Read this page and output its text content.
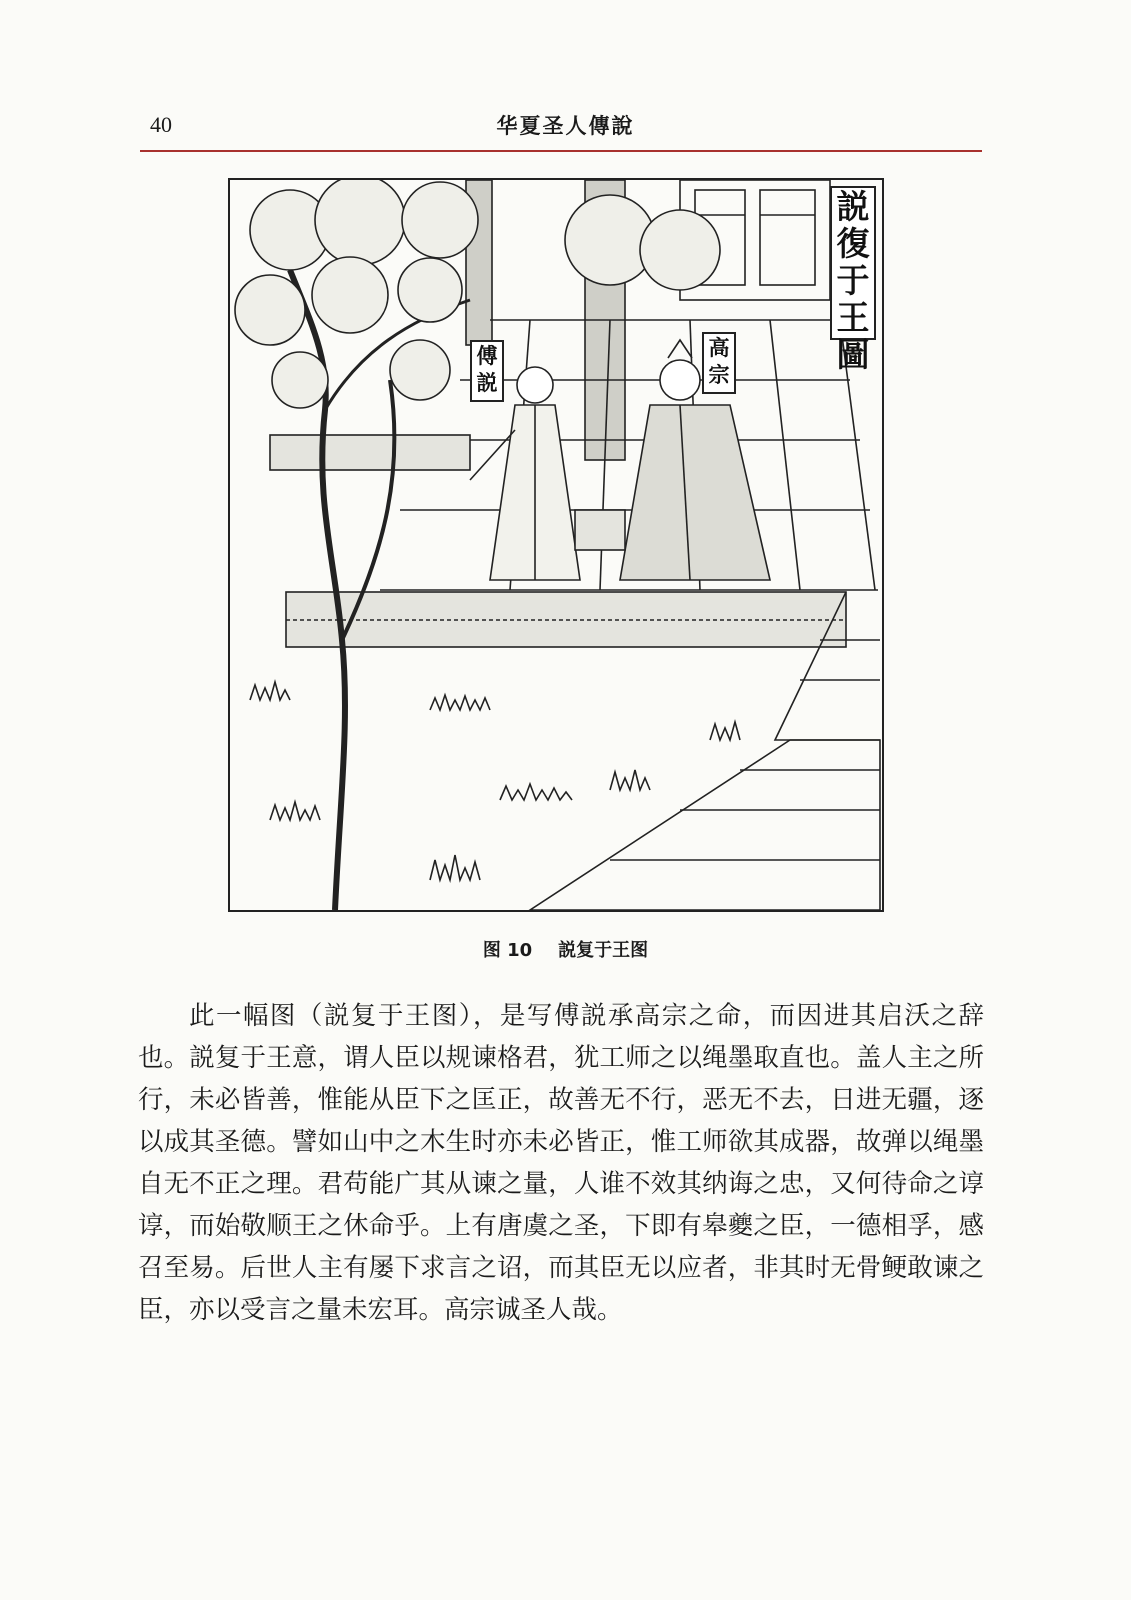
40	华夏圣人傳說
説復于王圖
傅説
高宗
图 10 説复于王图

此一幅图（説复于王图），是写傅説承高宗之命，而因进其启沃之辞也。説复于王意，谓人臣以规谏格君，犹工师之以绳墨取直也。盖人主之所行，未必皆善，惟能从臣下之匡正，故善无不行，恶无不去，日进无疆，逐以成其圣德。譬如山中之木生时亦未必皆正，惟工师欲其成器，故弹以绳墨自无不正之理。君苟能广其从谏之量，人谁不效其纳诲之忠，又何待命之谆谆，而始敬顺王之休命乎。上有唐虞之圣，下即有皋夔之臣，一德相孚，感召至易。后世人主有屡下求言之诏，而其臣无以应者，非其时无骨鲠敢谏之臣，亦以受言之量未宏耳。高宗诚圣人哉。
